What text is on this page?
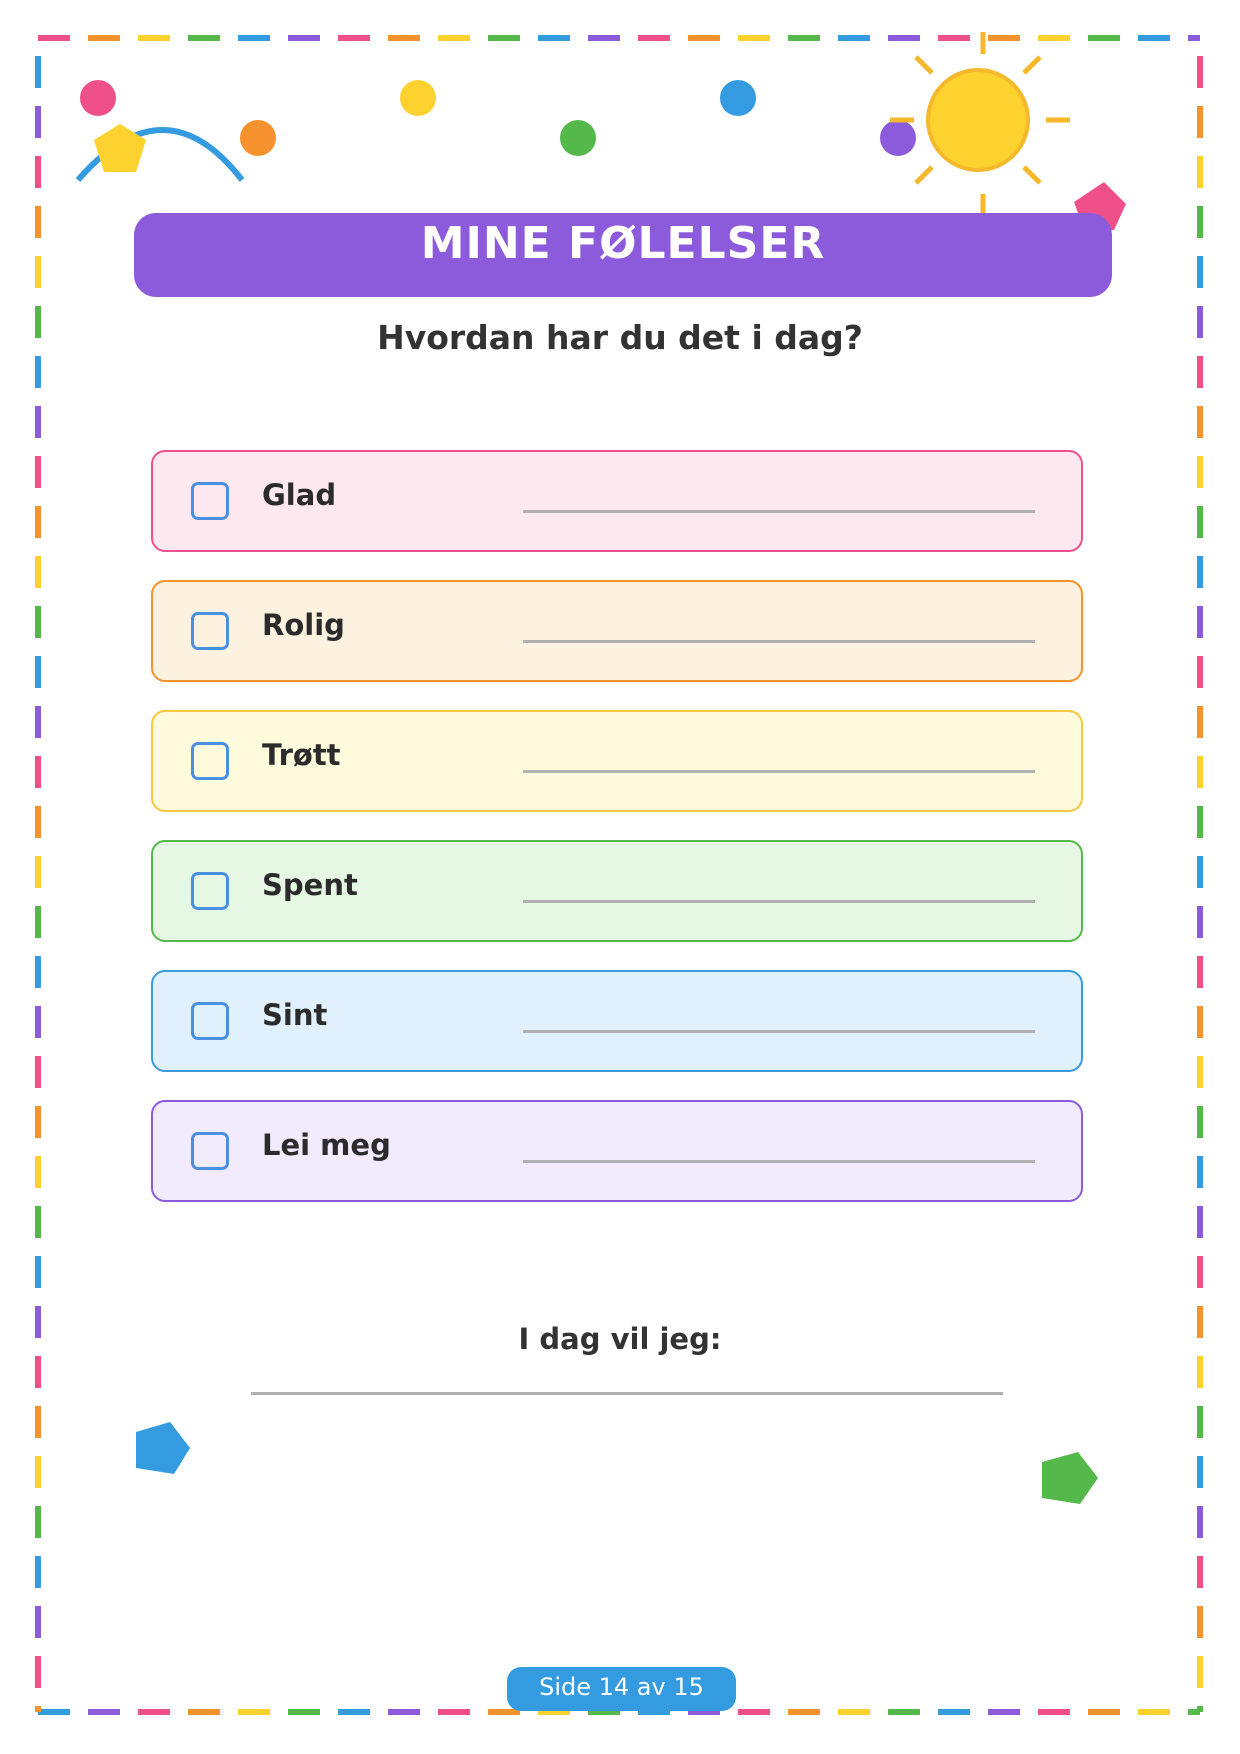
MINE FØLELSER
Hvordan har du det i dag?
Glad
Rolig
Trøtt
Spent
Sint
Lei meg
I dag vil jeg:
Side 14 av 15
